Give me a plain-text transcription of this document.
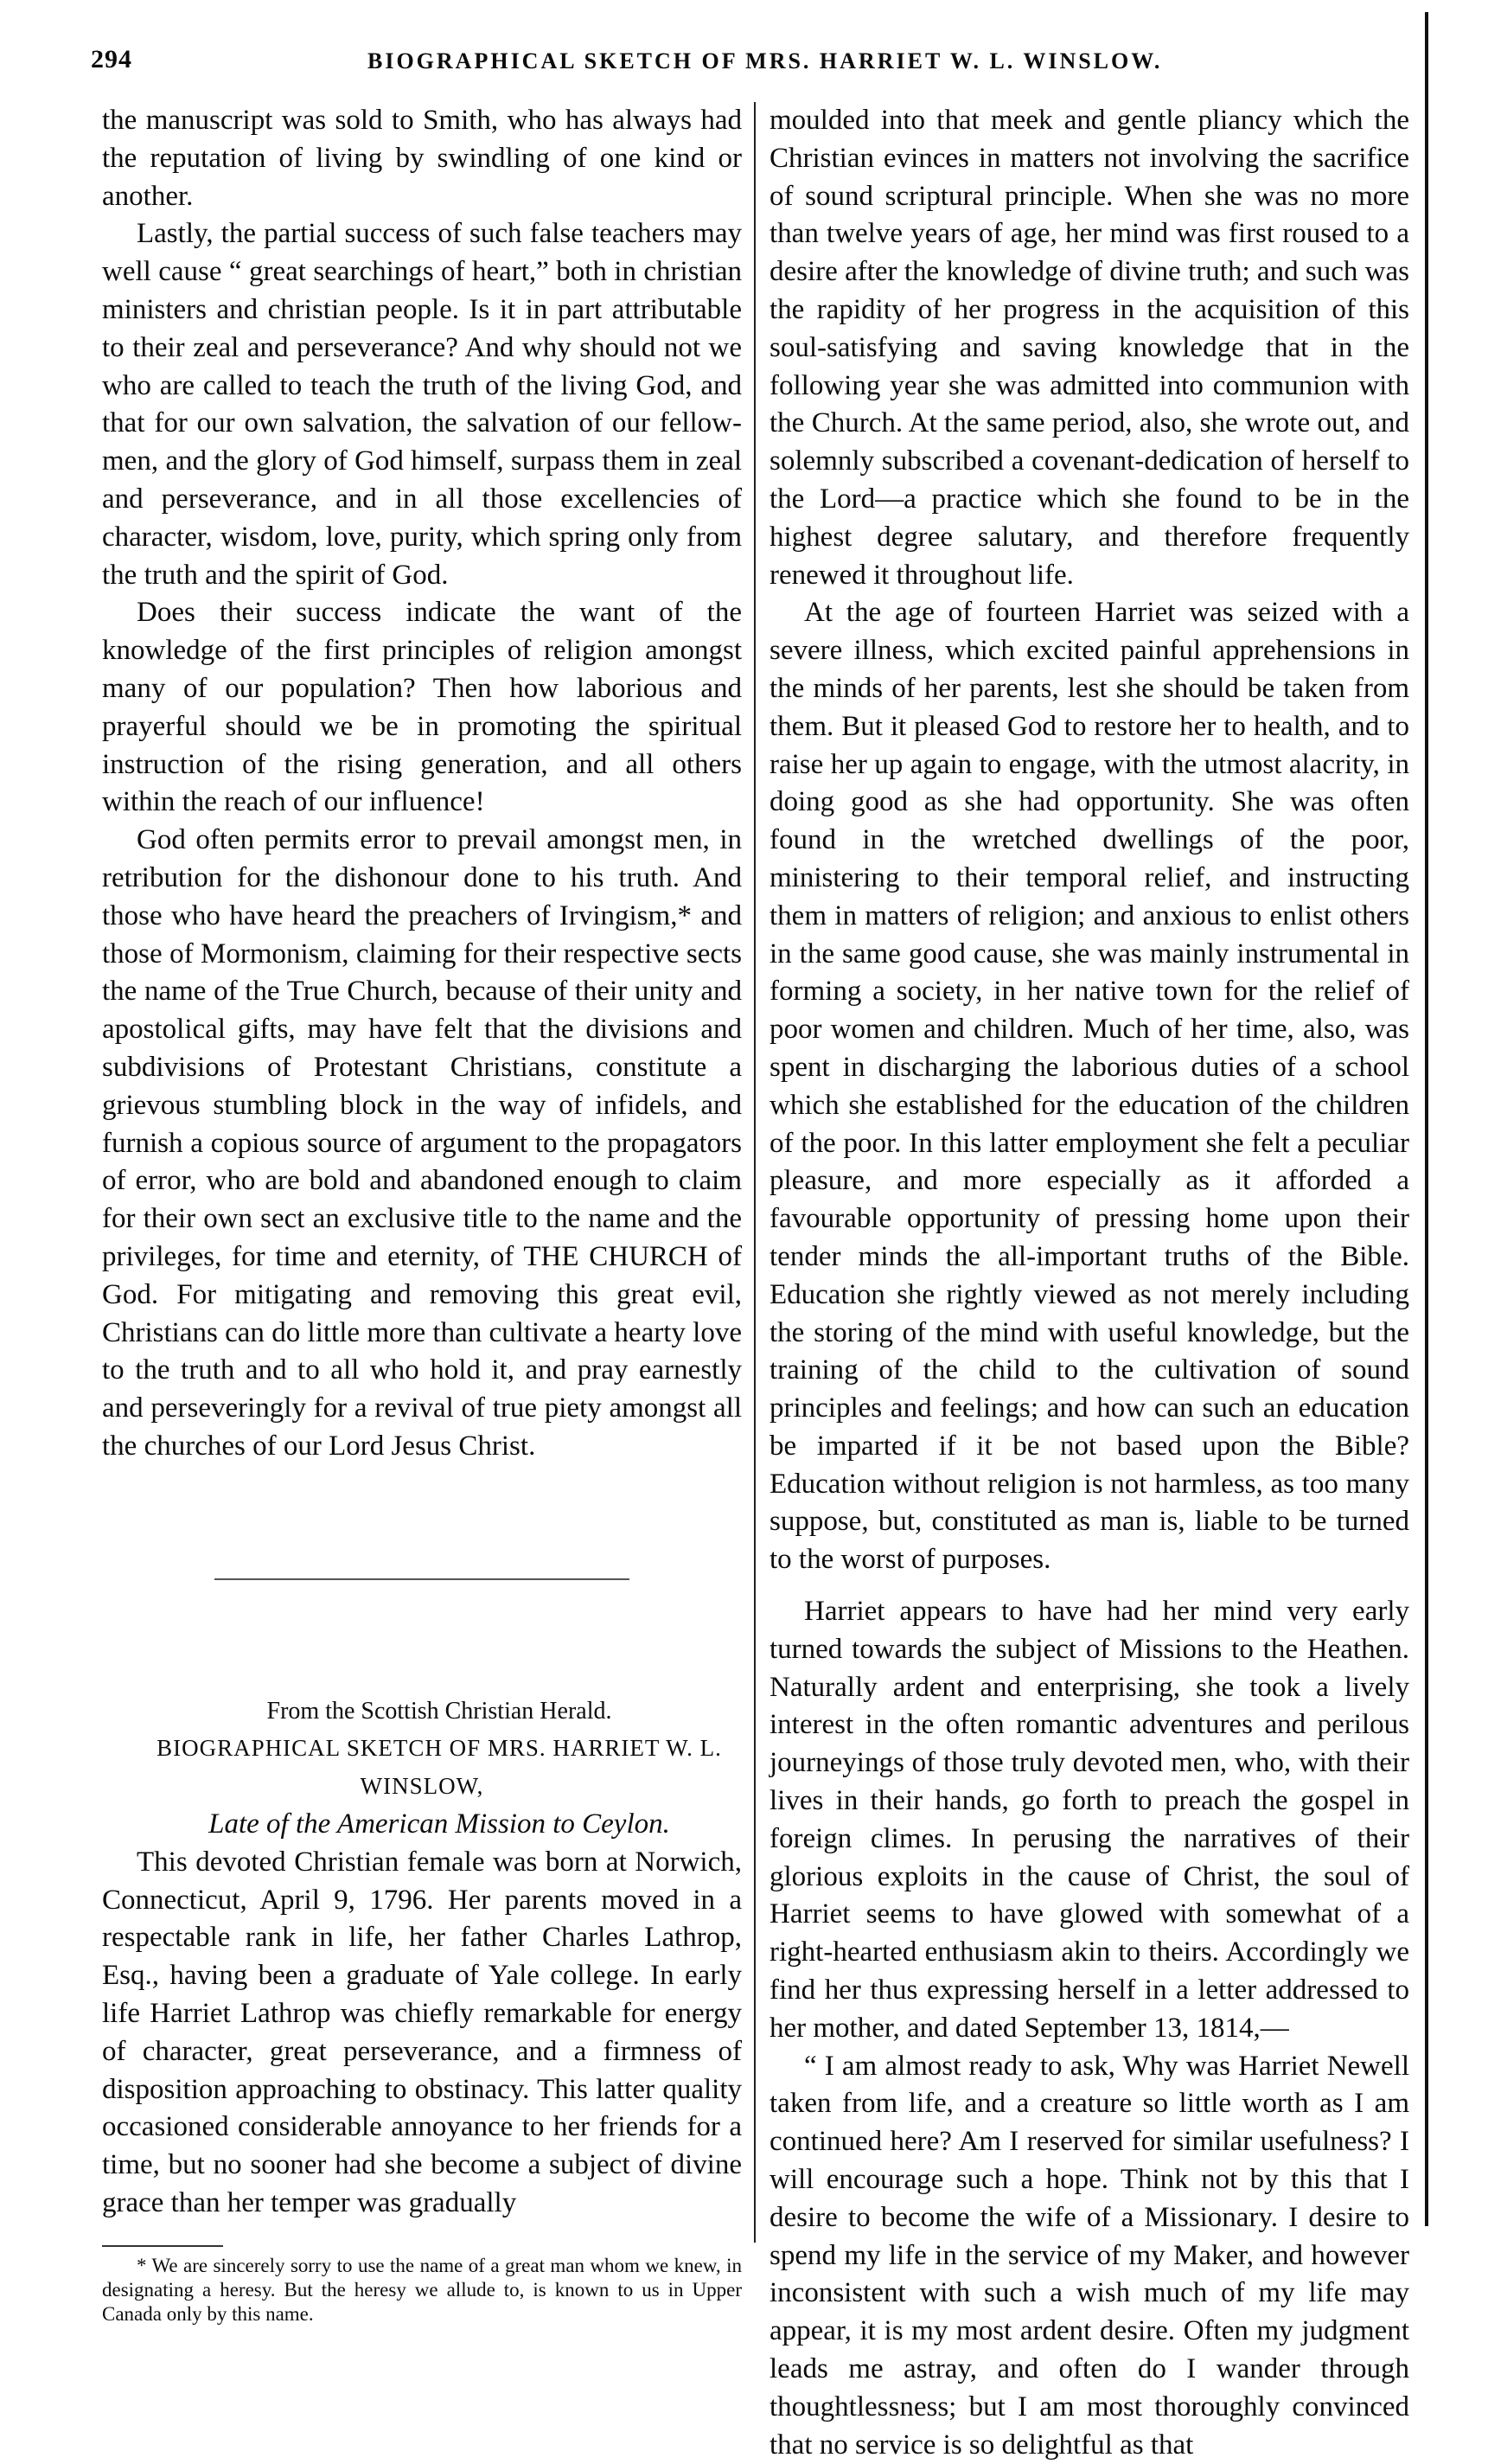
294	BIOGRAPHICAL SKETCH OF MRS. HARRIET W. L. WINSLOW.

the manuscript was sold to Smith, who has always had the reputation of living by swindling of one kind or another.

Lastly, the partial success of such false teachers may well cause “ great searchings of heart,” both in christian ministers and christian people. Is it in part attributable to their zeal and perseverance? And why should not we who are called to teach the truth of the living God, and that for our own salvation, the salvation of our fellow-men, and the glory of God himself, surpass them in zeal and perseverance, and in all those excellencies of character, wisdom, love, purity, which spring only from the truth and the spirit of God.

Does their success indicate the want of the knowledge of the first principles of religion amongst many of our population? Then how laborious and prayerful should we be in promoting the spiritual instruction of the rising generation, and all others within the reach of our influence!

God often permits error to prevail amongst men, in retribution for the dishonour done to his truth. And those who have heard the preachers of Irvingism,* and those of Mormonism, claiming for their respective sects the name of the True Church, because of their unity and apostolical gifts, may have felt that the divisions and subdivisions of Protestant Christians, constitute a grievous stumbling block in the way of infidels, and furnish a copious source of argument to the propagators of error, who are bold and abandoned enough to claim for their own sect an exclusive title to the name and the privileges, for time and eternity, of THE CHURCH of God. For mitigating and removing this great evil, Christians can do little more than cultivate a hearty love to the truth and to all who hold it, and pray earnestly and perseveringly for a revival of true piety amongst all the churches of our Lord Jesus Christ.

From the Scottish Christian Herald.

BIOGRAPHICAL SKETCH OF MRS. HARRIET W. L. WINSLOW,

Late of the American Mission to Ceylon.

This devoted Christian female was born at Norwich, Connecticut, April 9, 1796. Her parents moved in a respectable rank in life, her father Charles Lathrop, Esq., having been a graduate of Yale college. In early life Harriet Lathrop was chiefly remarkable for energy of character, great perseverance, and a firmness of disposition approaching to obstinacy. This latter quality occasioned considerable annoyance to her friends for a time, but no sooner had she become a subject of divine grace than her temper was gradually

* We are sincerely sorry to use the name of a great man whom we knew, in designating a heresy. But the heresy we allude to, is known to us in Upper Canada only by this name.

moulded into that meek and gentle pliancy which the Christian evinces in matters not involving the sacrifice of sound scriptural principle. When she was no more than twelve years of age, her mind was first roused to a desire after the knowledge of divine truth; and such was the rapidity of her progress in the acquisition of this soul-satisfying and saving knowledge that in the following year she was admitted into communion with the Church. At the same period, also, she wrote out, and solemnly subscribed a covenant-dedication of herself to the Lord—a practice which she found to be in the highest degree salutary, and therefore frequently renewed it throughout life.

At the age of fourteen Harriet was seized with a severe illness, which excited painful apprehensions in the minds of her parents, lest she should be taken from them. But it pleased God to restore her to health, and to raise her up again to engage, with the utmost alacrity, in doing good as she had opportunity. She was often found in the wretched dwellings of the poor, ministering to their temporal relief, and instructing them in matters of religion; and anxious to enlist others in the same good cause, she was mainly instrumental in forming a society, in her native town for the relief of poor women and children. Much of her time, also, was spent in discharging the laborious duties of a school which she established for the education of the children of the poor. In this latter employment she felt a peculiar pleasure, and more especially as it afforded a favourable opportunity of pressing home upon their tender minds the all-important truths of the Bible. Education she rightly viewed as not merely including the storing of the mind with useful knowledge, but the training of the child to the cultivation of sound principles and feelings; and how can such an education be imparted if it be not based upon the Bible? Education without religion is not harmless, as too many suppose, but, constituted as man is, liable to be turned to the worst of purposes.

Harriet appears to have had her mind very early turned towards the subject of Missions to the Heathen. Naturally ardent and enterprising, she took a lively interest in the often romantic adventures and perilous journeyings of those truly devoted men, who, with their lives in their hands, go forth to preach the gospel in foreign climes. In perusing the narratives of their glorious exploits in the cause of Christ, the soul of Harriet seems to have glowed with somewhat of a right-hearted enthusiasm akin to theirs. Accordingly we find her thus expressing herself in a letter addressed to her mother, and dated September 13, 1814,—

“ I am almost ready to ask, Why was Harriet Newell taken from life, and a creature so little worth as I am continued here? Am I reserved for similar usefulness? I will encourage such a hope. Think not by this that I desire to become the wife of a Missionary. I desire to spend my life in the service of my Maker, and however inconsistent with such a wish much of my life may appear, it is my most ardent desire. Often my judgment leads me astray, and often do I wander through thoughtlessness; but I am most thoroughly convinced that no service is so delightful as that
